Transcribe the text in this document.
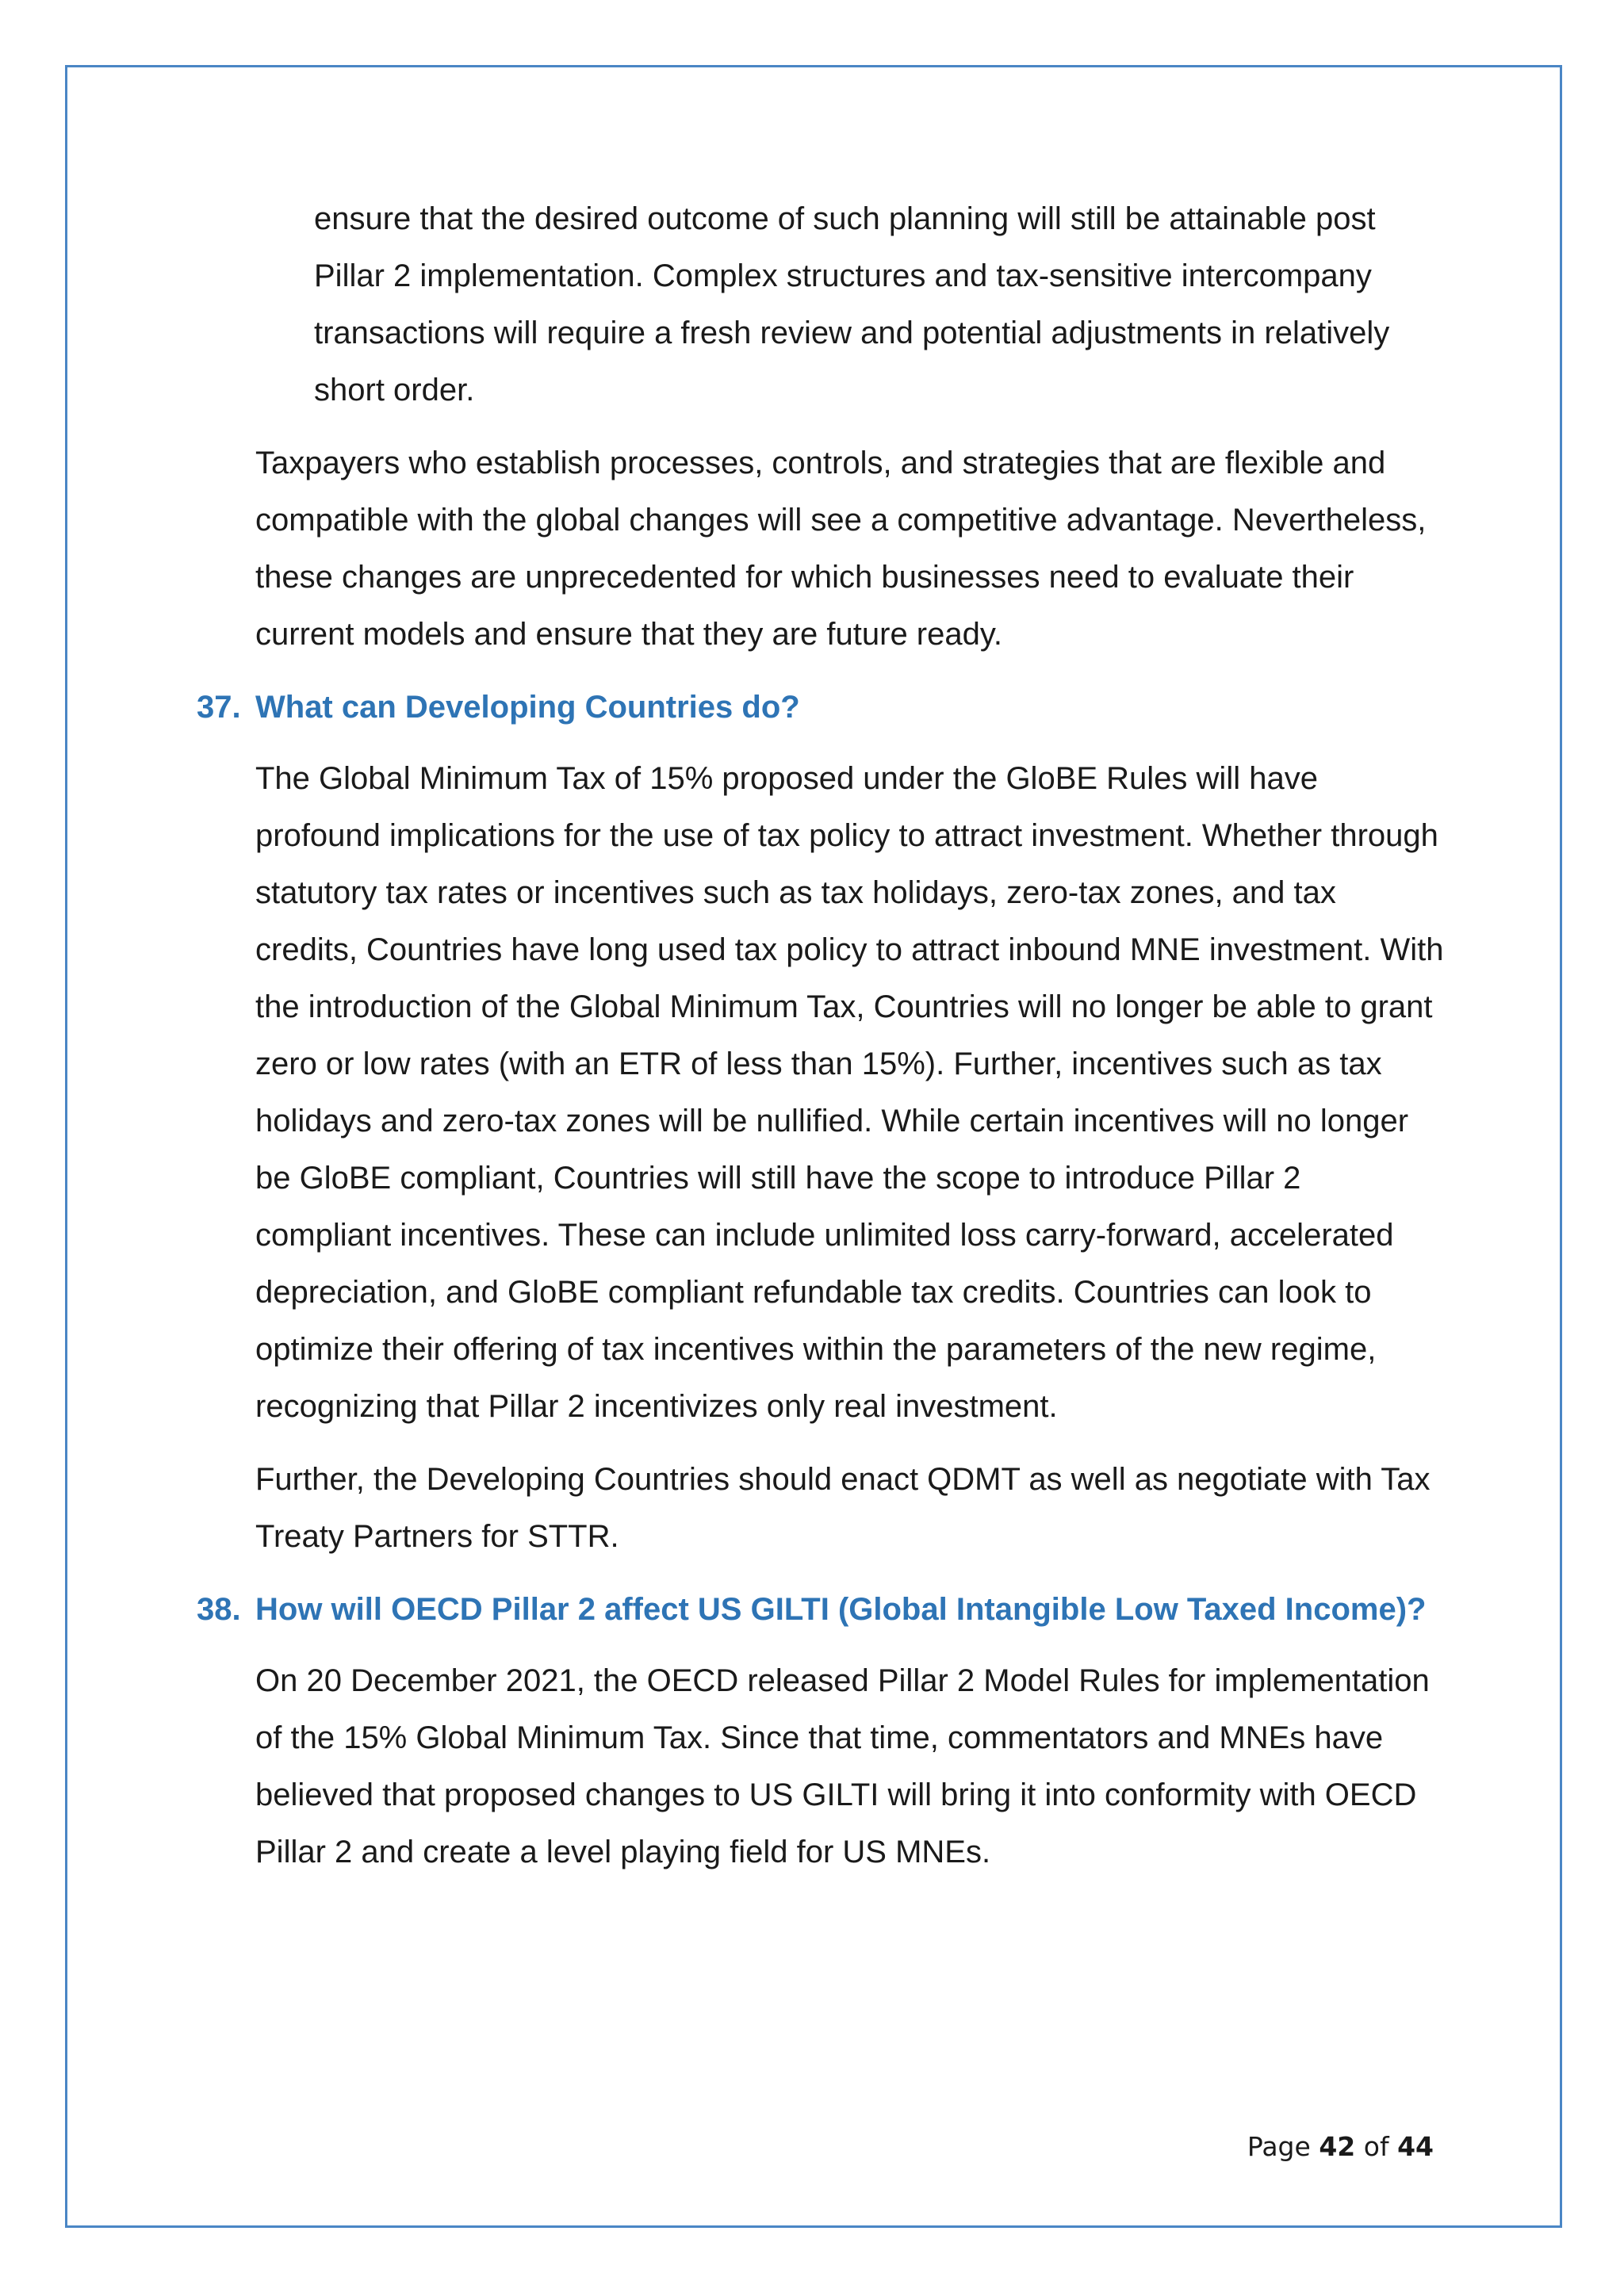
ensure that the desired outcome of such planning will still be attainable post Pillar 2 implementation. Complex structures and tax-sensitive intercompany transactions will require a fresh review and potential adjustments in relatively short order.

Taxpayers who establish processes, controls, and strategies that are flexible and compatible with the global changes will see a competitive advantage. Nevertheless, these changes are unprecedented for which businesses need to evaluate their current models and ensure that they are future ready.

37. What can Developing Countries do?

The Global Minimum Tax of 15% proposed under the GloBE Rules will have profound implications for the use of tax policy to attract investment. Whether through statutory tax rates or incentives such as tax holidays, zero-tax zones, and tax credits, Countries have long used tax policy to attract inbound MNE investment. With the introduction of the Global Minimum Tax, Countries will no longer be able to grant zero or low rates (with an ETR of less than 15%). Further, incentives such as tax holidays and zero-tax zones will be nullified. While certain incentives will no longer be GloBE compliant, Countries will still have the scope to introduce Pillar 2 compliant incentives. These can include unlimited loss carry-forward, accelerated depreciation, and GloBE compliant refundable tax credits. Countries can look to optimize their offering of tax incentives within the parameters of the new regime, recognizing that Pillar 2 incentivizes only real investment.

Further, the Developing Countries should enact QDMT as well as negotiate with Tax Treaty Partners for STTR.

38. How will OECD Pillar 2 affect US GILTI (Global Intangible Low Taxed Income)?

On 20 December 2021, the OECD released Pillar 2 Model Rules for implementation of the 15% Global Minimum Tax. Since that time, commentators and MNEs have believed that proposed changes to US GILTI will bring it into conformity with OECD Pillar 2 and create a level playing field for US MNEs.

Page 42 of 44
